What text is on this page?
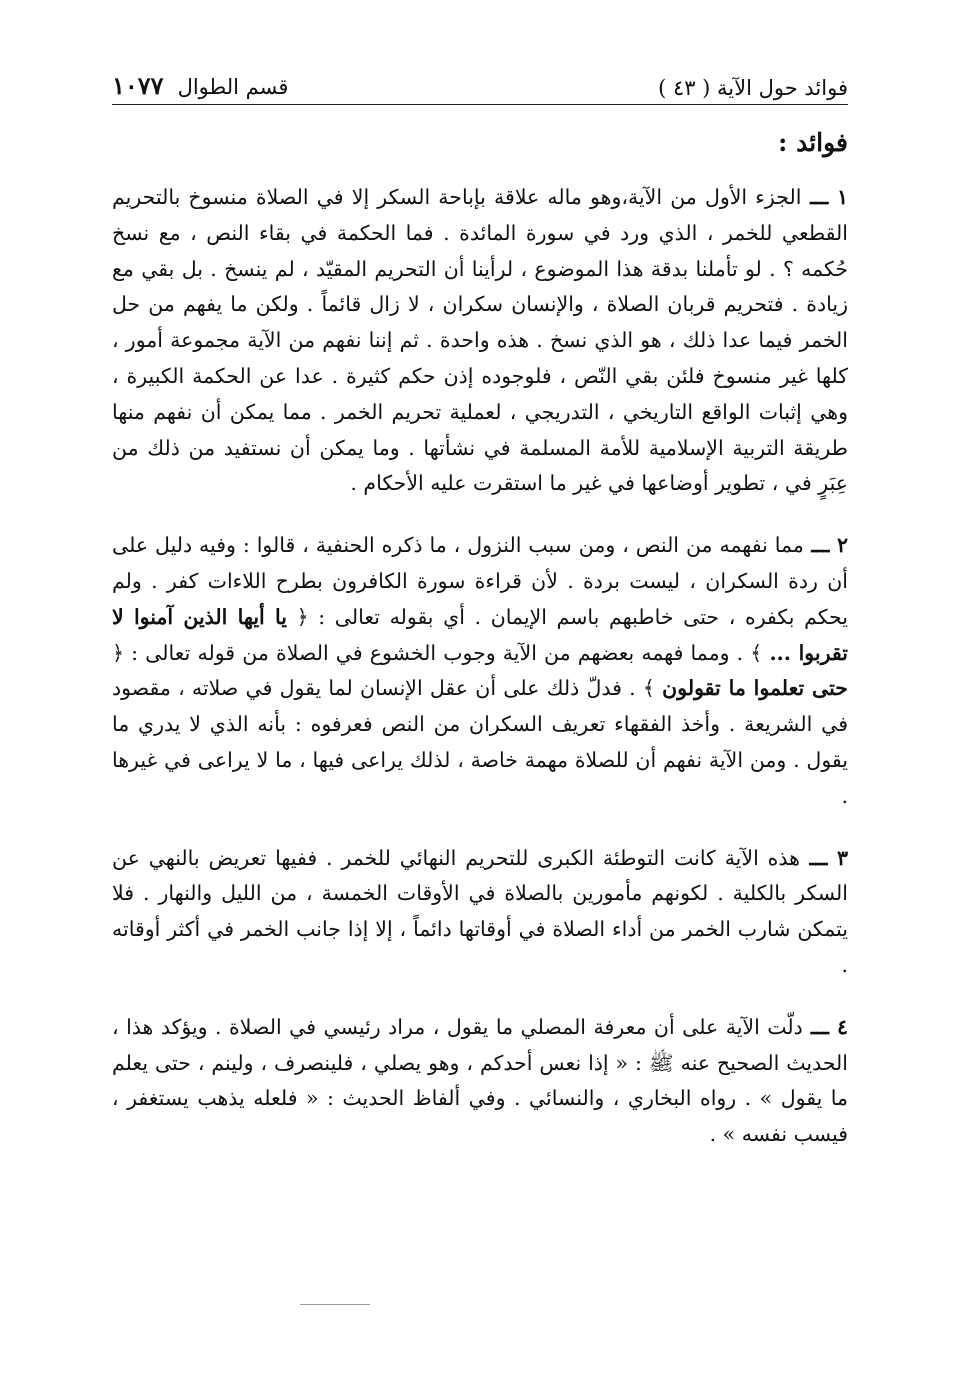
فوائد حول الآية ( ٤٣ )
قسم الطوال
١٠٧٧
فوائد :

١ ـــ الجزء الأول من الآية،وهو ماله علاقة بإباحة السكر إلا في الصلاة منسوخ بالتحريم القطعي للخمر ، الذي ورد في سورة المائدة . فما الحكمة في بقاء النص ، مع نسخ حُكمه ؟ . لو تأملنا بدقة هذا الموضوع ، لرأينا أن التحريم المقيّد ، لم ينسخ . بل بقي مع زيادة . فتحريم قربان الصلاة ، والإنسان سكران ، لا زال قائماً . ولكن ما يفهم من حل الخمر فيما عدا ذلك ، هو الذي نسخ . هذه واحدة . ثم إننا نفهم من الآية مجموعة أمور ، كلها غير منسوخ فلئن بقي النّص ، فلوجوده إذن حكم كثيرة . عدا عن الحكمة الكبيرة ، وهي إثبات الواقع التاريخي ، التدريجي ، لعملية تحريم الخمر . مما يمكن أن نفهم منها طريقة التربية الإسلامية للأمة المسلمة في نشأتها . وما يمكن أن نستفيد من ذلك من عِبَرٍ في ، تطوير أوضاعها في غير ما استقرت عليه الأحكام .

٢ ـــ مما نفهمه من النص ، ومن سبب النزول ، ما ذكره الحنفية ، قالوا : وفيه دليل على أن ردة السكران ، ليست بردة . لأن قراءة سورة الكافرون بطرح اللاءات كفر . ولم يحكم بكفره ، حتى خاطبهم باسم الإيمان . أي بقوله تعالى : ﴿ يا أيها الذين آمنوا لا تقربوا ... ﴾ . ومما فهمه بعضهم من الآية وجوب الخشوع في الصلاة من قوله تعالى : ﴿ حتى تعلموا ما تقولون ﴾ . فدلّ ذلك على أن عقل الإنسان لما يقول في صلاته ، مقصود في الشريعة . وأخذ الفقهاء تعريف السكران من النص فعرفوه : بأنه الذي لا يدري ما يقول . ومن الآية نفهم أن للصلاة مهمة خاصة ، لذلك يراعى فيها ، ما لا يراعى في غيرها .

٣ ـــ هذه الآية كانت التوطئة الكبرى للتحريم النهائي للخمر . ففيها تعريض بالنهي عن السكر بالكلية . لكونهم مأمورين بالصلاة في الأوقات الخمسة ، من الليل والنهار . فلا يتمكن شارب الخمر من أداء الصلاة في أوقاتها دائماً ، إلا إذا جانب الخمر في أكثر أوقاته .

٤ ـــ دلّت الآية على أن معرفة المصلي ما يقول ، مراد رئيسي في الصلاة . ويؤكد هذا ، الحديث الصحيح عنه ﷺ : « إذا نعس أحدكم ، وهو يصلي ، فلينصرف ، ولينم ، حتى يعلم ما يقول » . رواه البخاري ، والنسائي . وفي ألفاظ الحديث : « فلعله يذهب يستغفر ، فيسب نفسه » .
